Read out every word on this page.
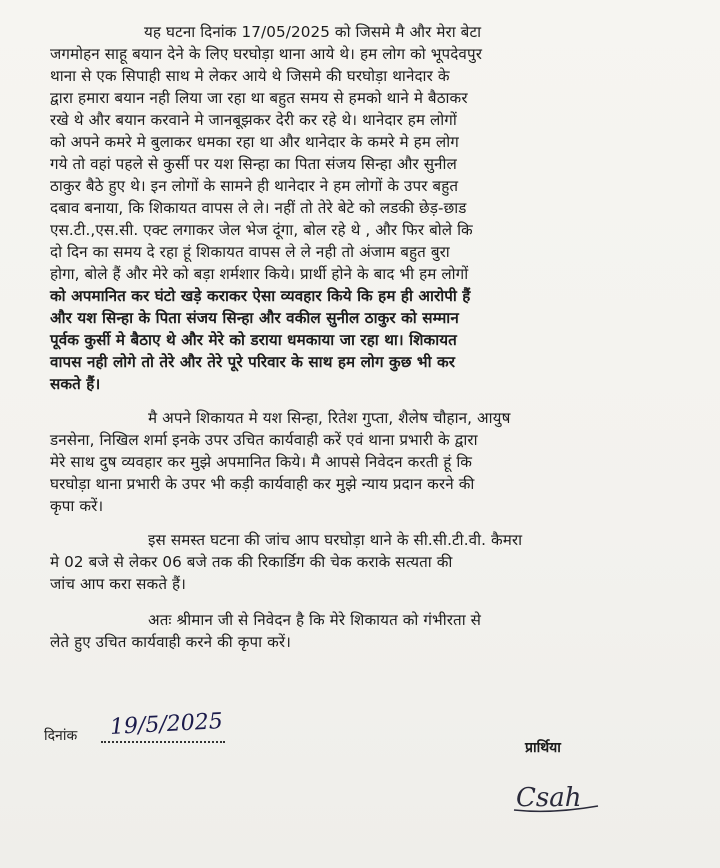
यह घटना दिनांक 17/05/2025 को जिसमे मै और मेरा बेटा
जगमोहन साहू बयान देने के लिए घरघोड़ा थाना आये थे। हम लोग को भूपदेवपुर
थाना से एक सिपाही साथ मे लेकर आये थे जिसमे की घरघोड़ा थानेदार के
द्वारा हमारा बयान नही लिया जा रहा था बहुत समय से हमको थाने मे बैठाकर
रखे थे और बयान करवाने मे जानबूझकर देरी कर रहे थे। थानेदार हम लोगों
को अपने कमरे मे बुलाकर धमका रहा था और थानेदार के कमरे मे हम लोग
गये तो वहां पहले से कुर्सी पर यश सिन्हा का पिता संजय सिन्हा और सुनील
ठाकुर बैठे हुए थे। इन लोगों के सामने ही थानेदार ने हम लोगों के उपर बहुत
दबाव बनाया, कि शिकायत वापस ले ले। नहीं तो तेरे बेटे को लडकी छेड़-छाड
एस.टी.,एस.सी. एक्ट लगाकर जेल भेज दूंगा, बोल रहे थे , और फिर बोले कि
दो दिन का समय दे रहा हूं शिकायत वापस ले ले नही तो अंजाम बहुत बुरा
होगा, बोले हैं और मेरे को बड़ा शर्मशार किये। प्रार्थी होने के बाद भी हम लोगों
को अपमानित कर घंटो खड़े कराकर ऐसा व्यवहार किये कि हम ही आरोपी हैं
और यश सिन्हा के पिता संजय सिन्हा और वकील सुनील ठाकुर को सम्मान
पूर्वक कुर्सी मे बैठाए थे और मेरे को डराया धमकाया जा रहा था। शिकायत
वापस नही लोगे तो तेरे और तेरे पूरे परिवार के साथ हम लोग कुछ भी कर
सकते हैं।
मै अपने शिकायत मे यश सिन्हा, रितेश गुप्ता, शैलेष चौहान, आयुष
डनसेना, निखिल शर्मा इनके उपर उचित कार्यवाही करें एवं थाना प्रभारी के द्वारा
मेरे साथ दुष व्यवहार कर मुझे अपमानित किये। मै आपसे निवेदन करती हूं कि
घरघोड़ा थाना प्रभारी के उपर भी कड़ी कार्यवाही कर मुझे न्याय प्रदान करने की
कृपा करें।
इस समस्त घटना की जांच आप घरघोड़ा थाने के सी.सी.टी.वी. कैमरा
मे 02 बजे से लेकर 06 बजे तक की रिकार्डिग की चेक कराके सत्यता की
जांच आप करा सकते हैं।
अतः श्रीमान जी से निवेदन है कि मेरे शिकायत को गंभीरता से
लेते हुए उचित कार्यवाही करने की कृपा करें।
दिनांक 19/5/2025
प्रार्थिया
Csah
